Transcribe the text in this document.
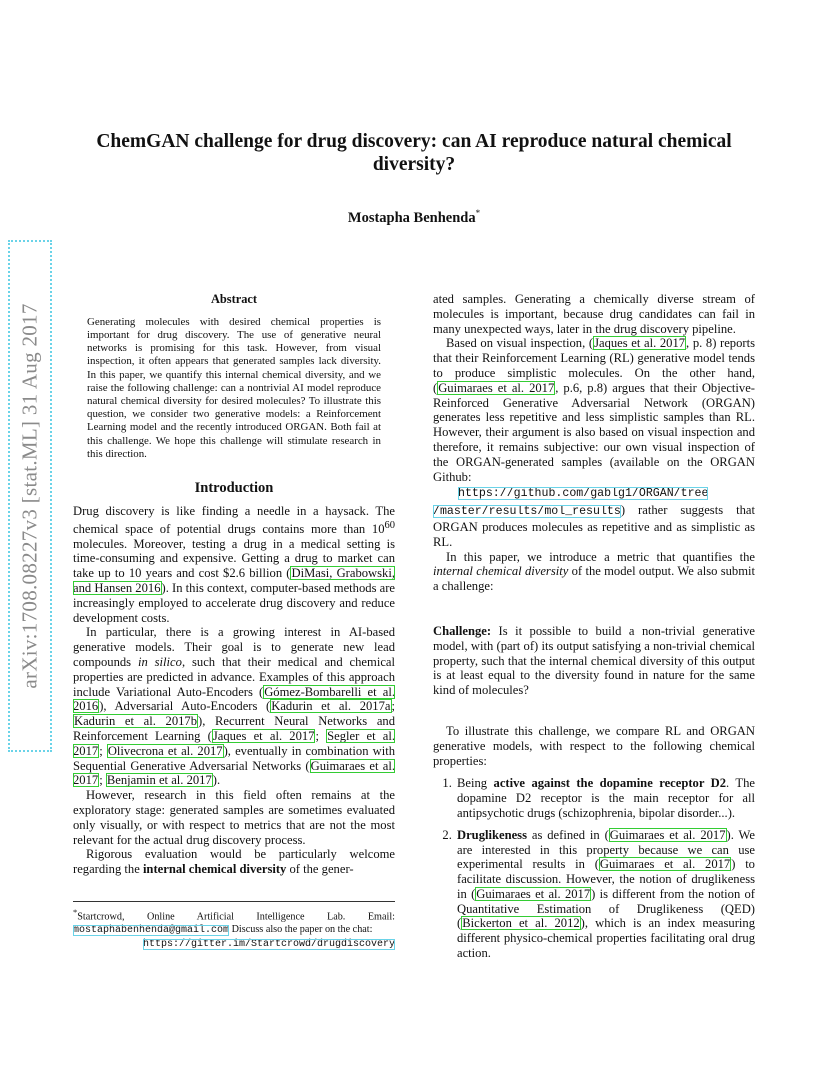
arXiv:1708.08227v3 [stat.ML] 31 Aug 2017
ChemGAN challenge for drug discovery: can AI reproduce natural chemical diversity?
Mostapha Benhenda*
Abstract

Generating molecules with desired chemical properties is important for drug discovery. The use of generative neural networks is promising for this task. However, from visual inspection, it often appears that generated samples lack diversity. In this paper, we quantify this internal chemical diversity, and we raise the following challenge: can a nontrivial AI model reproduce natural chemical diversity for desired molecules? To illustrate this question, we consider two generative models: a Reinforcement Learning model and the recently introduced ORGAN. Both fail at this challenge. We hope this challenge will stimulate research in this direction.

Introduction

Drug discovery is like finding a needle in a haysack. The chemical space of potential drugs contains more than $10^{60}$ molecules. Moreover, testing a drug in a medical setting is time-consuming and expensive. Getting a drug to market can take up to 10 years and cost $2.6 billion (DiMasi, Grabowski, and Hansen 2016). In this context, computer-based methods are increasingly employed to accelerate drug discovery and reduce development costs.

In particular, there is a growing interest in AI-based generative models. Their goal is to generate new lead compounds in silico, such that their medical and chemical properties are predicted in advance. Examples of this approach include Variational Auto-Encoders (Gómez-Bombarelli et al. 2016), Adversarial Auto-Encoders (Kadurin et al. 2017a; Kadurin et al. 2017b), Recurrent Neural Networks and Reinforcement Learning (Jaques et al. 2017; Segler et al. 2017; Olivecrona et al. 2017), eventually in combination with Sequential Generative Adversarial Networks (Guimaraes et al. 2017; Benjamin et al. 2017).

However, research in this field often remains at the exploratory stage: generated samples are sometimes evaluated only visually, or with respect to metrics that are not the most relevant for the actual drug discovery process.

Rigorous evaluation would be particularly welcome regarding the internal chemical diversity of the gener-

*Startcrowd, Online Artificial Intelligence Lab. Email: mostaphabenhenda@gmail.com Discuss also the paper on the chat:
https://gitter.im/Startcrowd/drugdiscovery

ated samples. Generating a chemically diverse stream of molecules is important, because drug candidates can fail in many unexpected ways, later in the drug discovery pipeline.

Based on visual inspection, (Jaques et al. 2017, p. 8) reports that their Reinforcement Learning (RL) generative model tends to produce simplistic molecules. On the other hand, (Guimaraes et al. 2017, p.6, p.8) argues that their Objective-Reinforced Generative Adversarial Network (ORGAN) generates less repetitive and less simplistic samples than RL. However, their argument is also based on visual inspection and therefore, it remains subjective: our own visual inspection of the ORGAN-generated samples (available on the ORGAN Github:
https://github.com/gablg1/ORGAN/tree
/master/results/mol_results) rather suggests that ORGAN produces molecules as repetitive and as simplistic as RL.

In this paper, we introduce a metric that quantifies the internal chemical diversity of the model output. We also submit a challenge:

Challenge: Is it possible to build a non-trivial generative model, with (part of) its output satisfying a non-trivial chemical property, such that the internal chemical diversity of this output is at least equal to the diversity found in nature for the same kind of molecules?

To illustrate this challenge, we compare RL and ORGAN generative models, with respect to the following chemical properties:

1. Being active against the dopamine receptor D2. The dopamine D2 receptor is the main receptor for all antipsychotic drugs (schizophrenia, bipolar disorder...).
2. Druglikeness as defined in (Guimaraes et al. 2017). We are interested in this property because we can use experimental results in (Guimaraes et al. 2017) to facilitate discussion. However, the notion of druglikeness in (Guimaraes et al. 2017) is different from the notion of Quantitative Estimation of Druglikeness (QED) (Bickerton et al. 2012), which is an index measuring different physico-chemical properties facilitating oral drug action.
